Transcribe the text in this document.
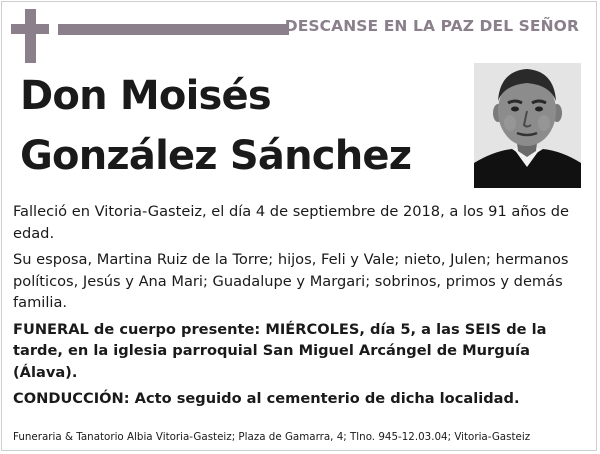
DESCANSE EN LA PAZ DEL SEÑOR
Don Moisés
González Sánchez

Falleció en Vitoria-Gasteiz, el día 4 de septiembre de 2018, a los 91 años de edad.

Su esposa, Martina Ruiz de la Torre; hijos, Feli y Vale; nieto, Julen; hermanos políticos, Jesús y Ana Mari; Guadalupe y Margari; sobrinos, primos y demás familia.

FUNERAL de cuerpo presente: MIÉRCOLES, día 5, a las SEIS de la tarde, en la iglesia parroquial San Miguel Arcángel de Murguía (Álava).

CONDUCCIÓN: Acto seguido al cementerio de dicha localidad.

Funeraria & Tanatorio Albia Vitoria-Gasteiz; Plaza de Gamarra, 4; Tlno. 945-12.03.04; Vitoria-Gasteiz
